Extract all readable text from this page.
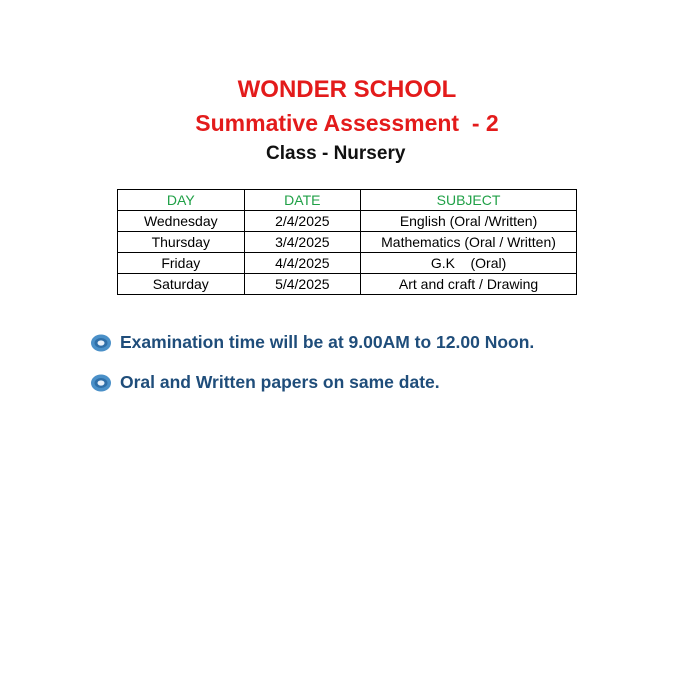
WONDER SCHOOL
Summative Assessment  - 2
Class - Nursery
DAY	DATE	SUBJECT
Wednesday	2/4/2025	English (Oral /Written)
Thursday	3/4/2025	Mathematics (Oral / Written)
Friday	4/4/2025	G.K    (Oral)
Saturday	5/4/2025	Art and craft / Drawing
Examination time will be at 9.00AM to 12.00 Noon.
Oral and Written papers on same date.
